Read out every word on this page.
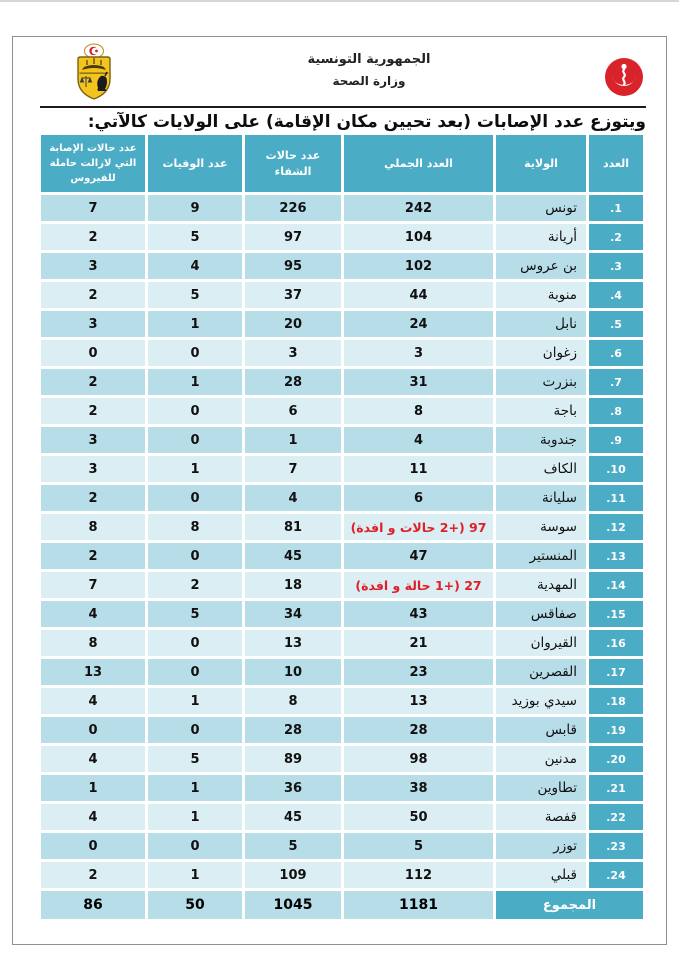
الجمهورية التونسية
وزارة الصحة
ويتوزع عدد الإصابات (بعد تحيين مكان الإقامة) على الولايات كالآتي:
العدد	الولاية	العدد الجملي	عدد حالات الشفاء	عدد الوفيات	عدد حالات الإصابة التي لازالت حاملة للفيروس
.1	تونس	242	226	9	7
.2	أريانة	104	97	5	2
.3	بن عروس	102	95	4	3
.4	منوبة	44	37	5	2
.5	نابل	24	20	1	3
.6	زغوان	3	3	0	0
.7	بنزرت	31	28	1	2
.8	باجة	8	6	0	2
.9	جندوبة	4	1	0	3
.10	الكاف	11	7	1	3
.11	سليانة	6	4	0	2
.12	سوسة	97 (+2 حالات و افدة)	81	8	8
.13	المنستير	47	45	0	2
.14	المهدية	27 (+1 حالة و افدة)	18	2	7
.15	صفاقس	43	34	5	4
.16	القيروان	21	13	0	8
.17	القصرين	23	10	0	13
.18	سيدي بوزيد	13	8	1	4
.19	قابس	28	28	0	0
.20	مدنين	98	89	5	4
.21	تطاوين	38	36	1	1
.22	قفصة	50	45	1	4
.23	توزر	5	5	0	0
.24	قبلي	112	109	1	2
المجموع		1181	1045	50	86
